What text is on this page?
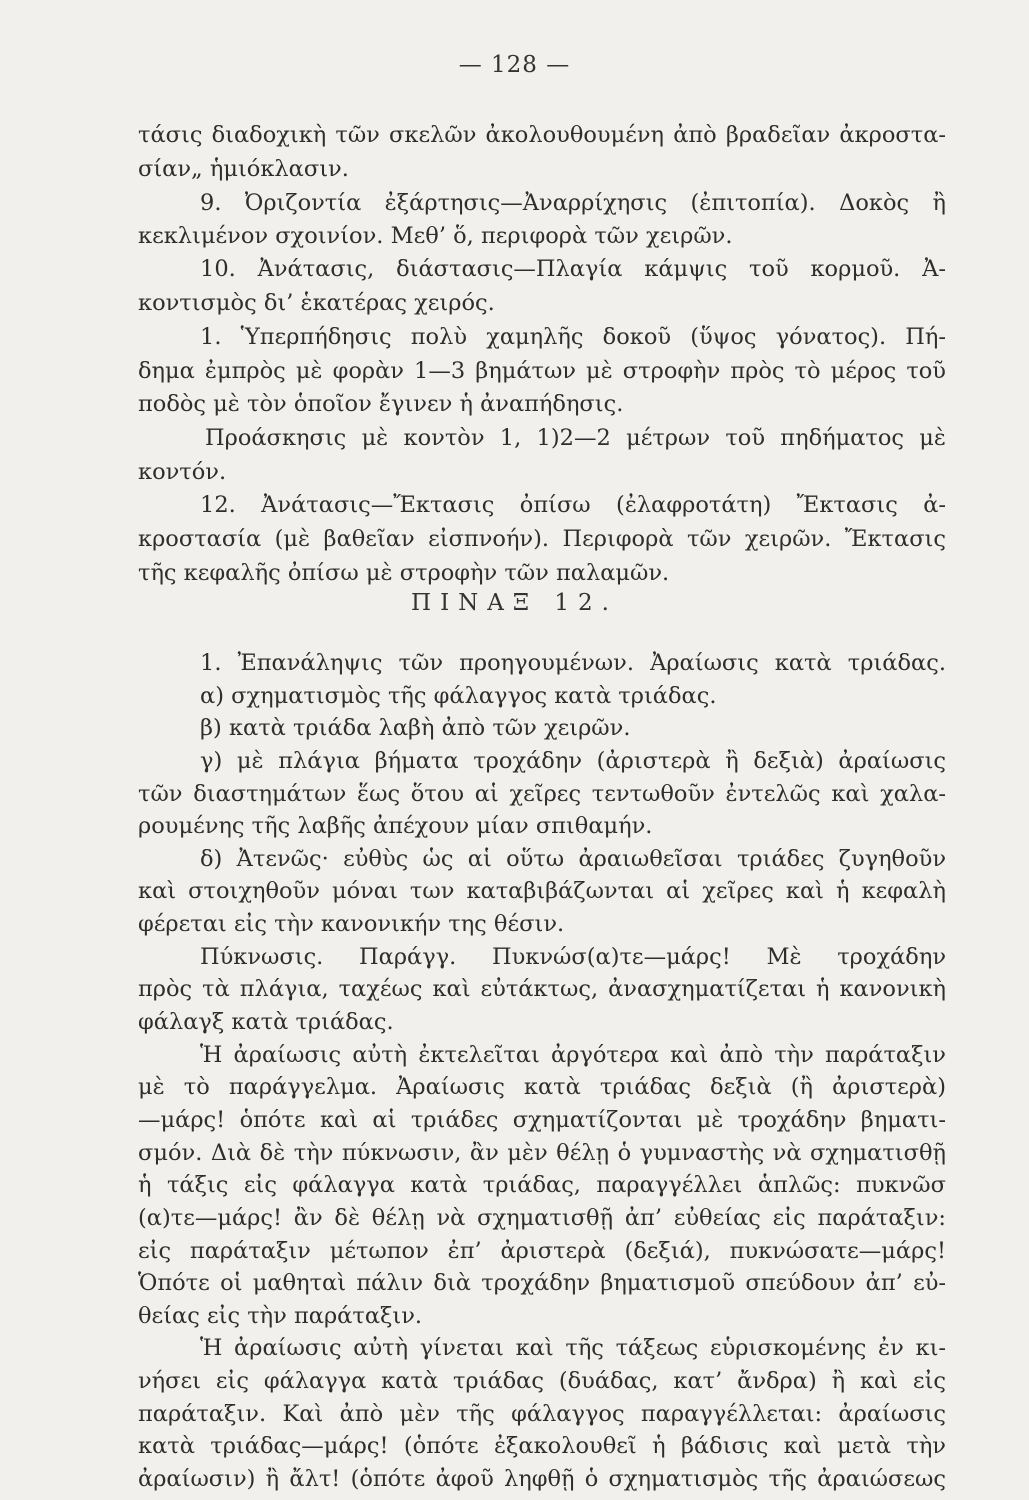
— 128 —
τάσις διαδοχικὴ τῶν σκελῶν ἀκολουθουμένη ἀπὸ βραδεῖαν ἀκροστα-
σίαν„ ἡμιόκλασιν.
9. Ὀριζοντία ἐξάρτησις—Ἀναρρίχησις (ἐπιτοπία). Δοκὸς ἢ
κεκλιμένον σχοινίον. Μεθ’ ὅ, περιφορὰ τῶν χειρῶν.
10. Ἀνάτασις, διάστασις—Πλαγία κάμψις τοῦ κορμοῦ. Ἀ-
κοντισμὸς δι’ ἑκατέρας χειρός.
1. Ὑπερπήδησις πολὺ χαμηλῆς δοκοῦ (ὕψος γόνατος). Πή-
δημα ἐμπρὸς μὲ φορὰν 1—3 βημάτων μὲ στροφὴν πρὸς τὸ μέρος τοῦ
ποδὸς μὲ τὸν ὁποῖον ἔγινεν ἡ ἀναπήδησις.
Προάσκησις μὲ κοντὸν 1, 1)2—2 μέτρων τοῦ πηδήματος μὲ
κοντόν.
12. Ἀνάτασις—Ἔκτασις ὀπίσω (ἐλαφροτάτη) Ἔκτασις ἀ-
κροστασία (μὲ βαθεῖαν εἰσπνοήν). Περιφορὰ τῶν χειρῶν. Ἔκτασις
τῆς κεφαλῆς ὀπίσω μὲ στροφὴν τῶν παλαμῶν.
ΠΙΝΑΞ 12.
1. Ἐπανάληψις τῶν προηγουμένων. Ἀραίωσις κατὰ τριάδας.
α) σχηματισμὸς τῆς φάλαγγος κατὰ τριάδας.
β) κατὰ τριάδα λαβὴ ἀπὸ τῶν χειρῶν.
γ) μὲ πλάγια βήματα τροχάδην (ἀριστερὰ ἢ δεξιὰ) ἀραίωσις
τῶν διαστημάτων ἕως ὅτου αἱ χεῖρες τεντωθοῦν ἐντελῶς καὶ χαλα-
ρουμένης τῆς λαβῆς ἀπέχουν μίαν σπιθαμήν.
δ) Ἀτενῶς· εὐθὺς ὡς αἱ οὕτω ἀραιωθεῖσαι τριάδες ζυγηθοῦν
καὶ στοιχηθοῦν μόναι των καταβιβάζωνται αἱ χεῖρες καὶ ἡ κεφαλὴ
φέρεται εἰς τὴν κανονικήν της θέσιν.
Πύκνωσις. Παράγγ. Πυκνώσ(α)τε—μάρς! Μὲ τροχάδην
πρὸς τὰ πλάγια, ταχέως καὶ εὐτάκτως, ἀνασχηματίζεται ἡ κανονικὴ
φάλαγξ κατὰ τριάδας.
Ἡ ἀραίωσις αὐτὴ ἐκτελεῖται ἀργότερα καὶ ἀπὸ τὴν παράταξιν
μὲ τὸ παράγγελμα. Ἀραίωσις κατὰ τριάδας δεξιὰ (ἢ ἀριστερὰ)
—μάρς! ὁπότε καὶ αἱ τριάδες σχηματίζονται μὲ τροχάδην βηματι-
σμόν. Διὰ δὲ τὴν πύκνωσιν, ἂν μὲν θέλῃ ὁ γυμναστὴς νὰ σχηματισθῇ
ἡ τάξις εἰς φάλαγγα κατὰ τριάδας, παραγγέλλει ἁπλῶς: πυκνῶσ
(α)τε—μάρς! ἂν δὲ θέλῃ νὰ σχηματισθῇ ἀπ’ εὐθείας εἰς παράταξιν:
εἰς παράταξιν μέτωπον ἐπ’ ἀριστερὰ (δεξιά), πυκνώσατε—μάρς!
Ὁπότε οἱ μαθηταὶ πάλιν διὰ τροχάδην βηματισμοῦ σπεύδουν ἀπ’ εὐ-
θείας εἰς τὴν παράταξιν.
Ἡ ἀραίωσις αὐτὴ γίνεται καὶ τῆς τάξεως εὑρισκομένης ἐν κι-
νήσει εἰς φάλαγγα κατὰ τριάδας (δυάδας, κατ’ ἄνδρα) ἢ καὶ εἰς
παράταξιν. Καὶ ἀπὸ μὲν τῆς φάλαγγος παραγγέλλεται: ἀραίωσις
κατὰ τριάδας—μάρς! (ὁπότε ἐξακολουθεῖ ἡ βάδισις καὶ μετὰ τὴν
ἀραίωσιν) ἢ ἄλτ! (ὁπότε ἀφοῦ ληφθῇ ὁ σχηματισμὸς τῆς ἀραιώσεως
